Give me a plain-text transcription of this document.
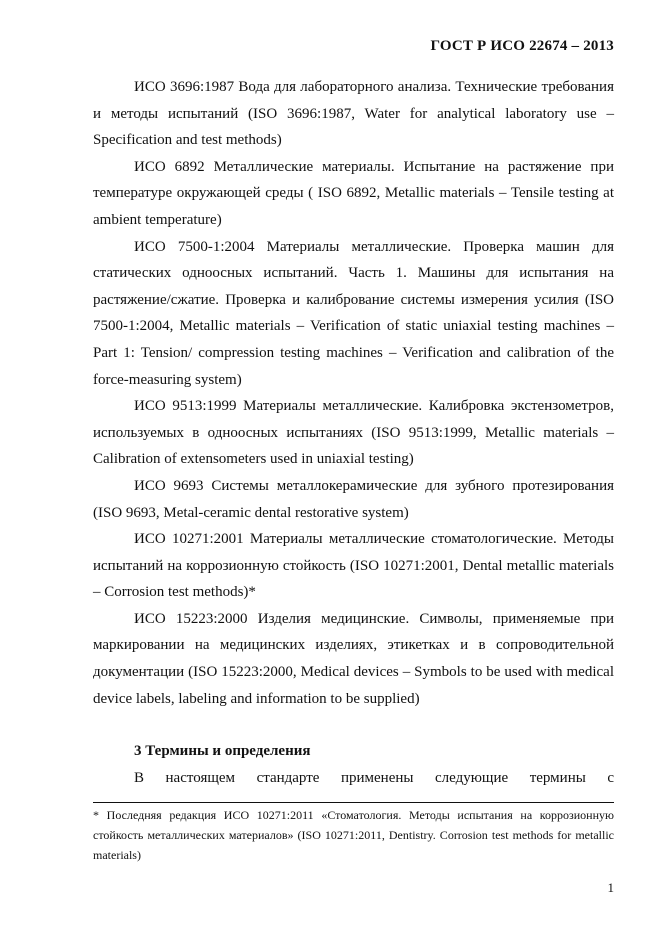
ГОСТ Р ИСО 22674 – 2013

ИСО 3696:1987 Вода для лабораторного анализа. Технические требования и методы испытаний (ISO 3696:1987, Water for analytical laboratory use – Specification and test methods)

ИСО 6892 Металлические материалы. Испытание на растяжение при температуре окружающей среды ( ISO 6892, Metallic materials – Tensile testing at ambient temperature)

ИСО 7500-1:2004 Материалы металлические. Проверка машин для статических одноосных испытаний. Часть 1. Машины для испытания на растяжение/сжатие. Проверка и калибрование системы измерения усилия (ISO 7500-1:2004, Metallic materials – Verification of static uniaxial testing machines – Part 1: Tension/ compression testing machines – Verification and calibration of the force-measuring system)

ИСО 9513:1999 Материалы металлические. Калибровка экстензометров, используемых в одноосных испытаниях (ISO 9513:1999, Metallic materials – Calibration of extensometers used in uniaxial testing)

ИСО 9693 Системы металлокерамические для зубного протезирования (ISO 9693, Metal-ceramic dental restorative system)

ИСО 10271:2001 Материалы металлические стоматологические. Методы испытаний на коррозионную стойкость (ISO 10271:2001, Dental metallic materials – Corrosion test methods)*

ИСО 15223:2000 Изделия медицинские. Символы, применяемые при маркировании на медицинских изделиях, этикетках и в сопроводительной документации (ISO 15223:2000, Medical devices – Symbols to be used with medical device labels, labeling and information to be supplied)

3 Термины и определения

В настоящем стандарте применены следующие термины с

* Последняя редакция ИСО 10271:2011 «Стоматология. Методы испытания на коррозионную стойкость металлических материалов» (ISO 10271:2011, Dentistry. Corrosion test methods for metallic materials)
1
